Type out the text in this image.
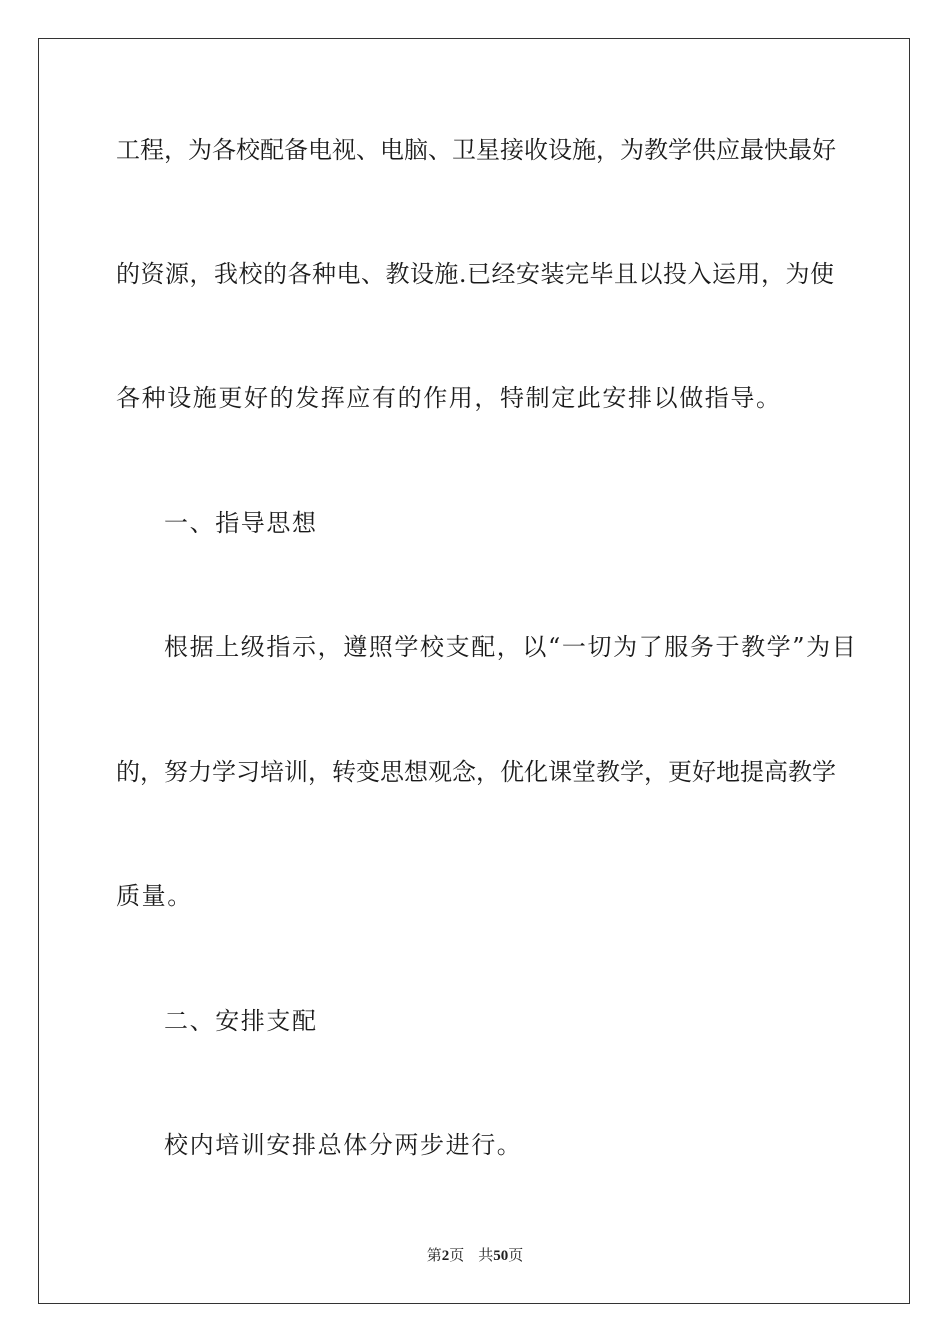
工程，为各校配备电视、电脑、卫星接收设施，为教学供应最快最好
的资源，我校的各种电、教设施.已经安装完毕且以投入运用，为使
各种设施更好的发挥应有的作用，特制定此安排以做指导。
一、指导思想
根据上级指示，遵照学校支配，以“一切为了服务于教学”为目
的，努力学习培训，转变思想观念，优化课堂教学，更好地提高教学
质量。
二、安排支配
校内培训安排总体分两步进行。
第2页 共50页
